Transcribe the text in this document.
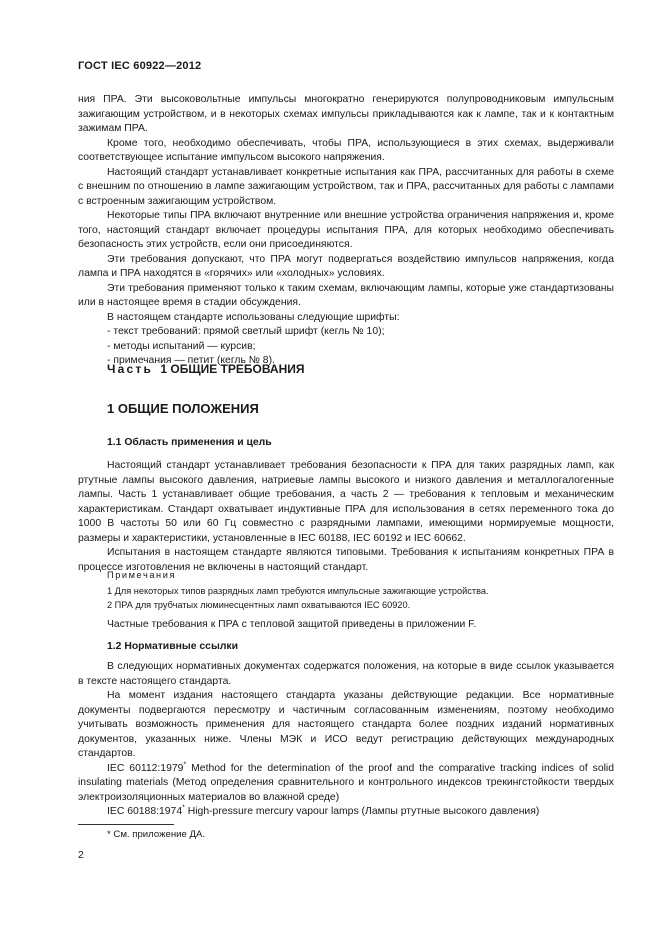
ГОСТ IEC 60922—2012

ния ПРА. Эти высоковольтные импульсы многократно генерируются полупроводниковым импульсным зажигающим устройством, и в некоторых схемах импульсы прикладываются как к лампе, так и к контактным зажимам ПРА.

Кроме того, необходимо обеспечивать, чтобы ПРА, использующиеся в этих схемах, выдерживали соответствующее испытание импульсом высокого напряжения.

Настоящий стандарт устанавливает конкретные испытания как ПРА, рассчитанных для работы в схеме с внешним по отношению в лампе зажигающим устройством, так и ПРА, рассчитанных для работы с лампами с встроенным зажигающим устройством.

Некоторые типы ПРА включают внутренние или внешние устройства ограничения напряжения и, кроме того, настоящий стандарт включает процедуры испытания ПРА, для которых необходимо обеспечивать безопасность этих устройств, если они присоединяются.

Эти требования допускают, что ПРА могут подвергаться воздействию импульсов напряжения, когда лампа и ПРА находятся в «горячих» или «холодных» условиях.

Эти требования применяют только к таким схемам, включающим лампы, которые уже стандартизованы или в настоящее время в стадии обсуждения.

В настоящем стандарте использованы следующие шрифты:

- текст требований: прямой светлый шрифт (кегль № 10);

- методы испытаний — курсив;

- примечания — петит (кегль № 8).

Часть 1 ОБЩИЕ ТРЕБОВАНИЯ
1 ОБЩИЕ ПОЛОЖЕНИЯ
1.1 Область применения и цель

Настоящий стандарт устанавливает требования безопасности к ПРА для таких разрядных ламп, как ртутные лампы высокого давления, натриевые лампы высокого и низкого давления и металлогалогенные лампы. Часть 1 устанавливает общие требования, а часть 2 — требования к тепловым и механическим характеристикам. Стандарт охватывает индуктивные ПРА для использования в сетях переменного тока до 1000 В частоты 50 или 60 Гц совместно с разрядными лампами, имеющими нормируемые мощности, размеры и характеристики, установленные в IEC 60188, IEC 60192 и IEC 60662.

Испытания в настоящем стандарте являются типовыми. Требования к испытаниям конкретных ПРА в процессе изготовления не включены в настоящий стандарт.

Примечания
1 Для некоторых типов разрядных ламп требуются импульсные зажигающие устройства.
2 ПРА для трубчатых люминесцентных ламп охватываются IEC 60920.

Частные требования к ПРА с тепловой защитой приведены в приложении F.

1.2 Нормативные ссылки

В следующих нормативных документах содержатся положения, на которые в виде ссылок указывается в тексте настоящего стандарта.

На момент издания настоящего стандарта указаны действующие редакции. Все нормативные документы подвергаются пересмотру и частичным согласованным изменениям, поэтому необходимо учитывать возможность применения для настоящего стандарта более поздних изданий нормативных документов, указанных ниже. Члены МЭК и ИСО ведут регистрацию действующих международных стандартов.

IEC 60112:1979* Method for the determination of the proof and the comparative tracking indices of solid insulating materials (Метод определения сравнительного и контрольного индексов трекингстойкости твердых электроизоляционных материалов во влажной среде)

IEC 60188:1974* High-pressure mercury vapour lamps (Лампы ртутные высокого давления)

* См. приложение ДА.
2
